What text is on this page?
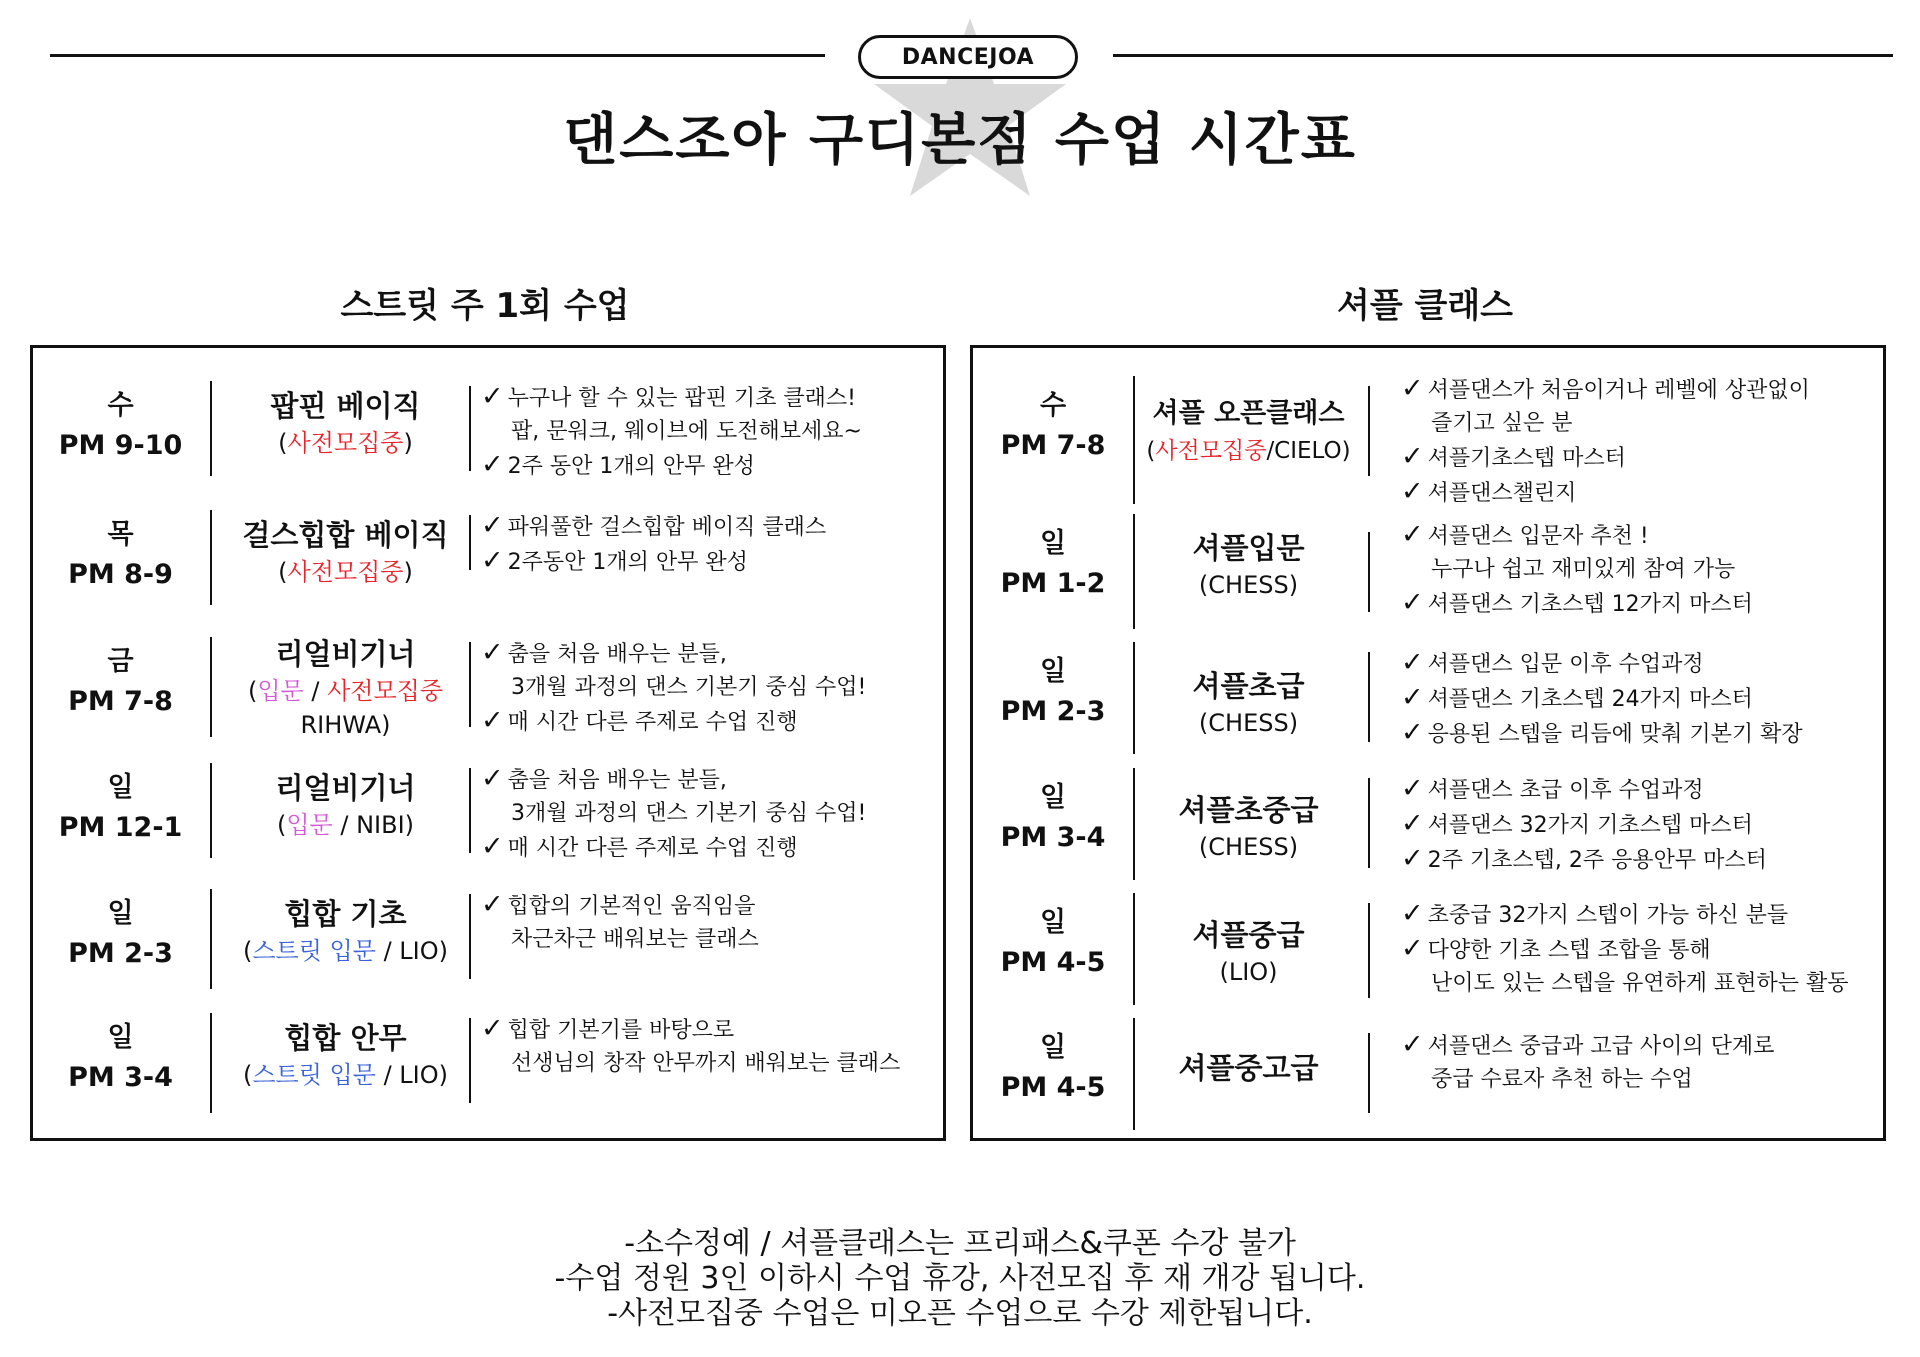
DANCEJOA
댄스조아 구디본점 수업 시간표
스트릿 주 1회 수업	셔플 클래스
수
PM 9-10
팝핀 베이직
(사전모집중)
✓ 누구나 할 수 있는 팝핀 기초 클래스!
팝, 문워크, 웨이브에 도전해보세요~
✓ 2주 동안 1개의 안무 완성
목
PM 8-9
걸스힙합 베이직
(사전모집중)
✓ 파워풀한 걸스힙합 베이직 클래스
✓ 2주동안 1개의 안무 완성
금
PM 7-8
리얼비기너
(입문 / 사전모집중
RIHWA)
✓ 춤을 처음 배우는 분들,
3개월 과정의 댄스 기본기 중심 수업!
✓ 매 시간 다른 주제로 수업 진행
일
PM 12-1
리얼비기너
(입문 / NIBI)
✓ 춤을 처음 배우는 분들,
3개월 과정의 댄스 기본기 중심 수업!
✓ 매 시간 다른 주제로 수업 진행
일
PM 2-3
힙합 기초
(스트릿 입문 / LIO)
✓ 힙합의 기본적인 움직임을
차근차근 배워보는 클래스
일
PM 3-4
힙합 안무
(스트릿 입문 / LIO)
✓ 힙합 기본기를 바탕으로
선생님의 창작 안무까지 배워보는 클래스
수
PM 7-8
셔플 오픈클래스
(사전모집중/CIELO)
✓ 셔플댄스가 처음이거나 레벨에 상관없이
즐기고 싶은 분
✓ 셔플기초스텝 마스터
✓ 셔플댄스챌린지
일
PM 1-2
셔플입문
(CHESS)
✓ 셔플댄스 입문자 추천 !
누구나 쉽고 재미있게 참여 가능
✓ 셔플댄스 기초스텝 12가지 마스터
일
PM 2-3
셔플초급
(CHESS)
✓ 셔플댄스 입문 이후 수업과정
✓ 셔플댄스 기초스텝 24가지 마스터
✓ 응용된 스텝을 리듬에 맞춰 기본기 확장
일
PM 3-4
셔플초중급
(CHESS)
✓ 셔플댄스 초급 이후 수업과정
✓ 셔플댄스 32가지 기초스텝 마스터
✓ 2주 기초스텝, 2주 응용안무 마스터
일
PM 4-5
셔플중급
(LIO)
✓ 초중급 32가지 스텝이 가능 하신 분들
✓ 다양한 기초 스텝 조합을 통해
난이도 있는 스텝을 유연하게 표현하는 활동
일
PM 4-5
셔플중고급
✓ 셔플댄스 중급과 고급 사이의 단계로
중급 수료자 추천 하는 수업
-소수정예 / 셔플클래스는 프리패스&쿠폰 수강 불가
-수업 정원 3인 이하시 수업 휴강, 사전모집 후 재 개강 됩니다.
-사전모집중 수업은 미오픈 수업으로 수강 제한됩니다.
